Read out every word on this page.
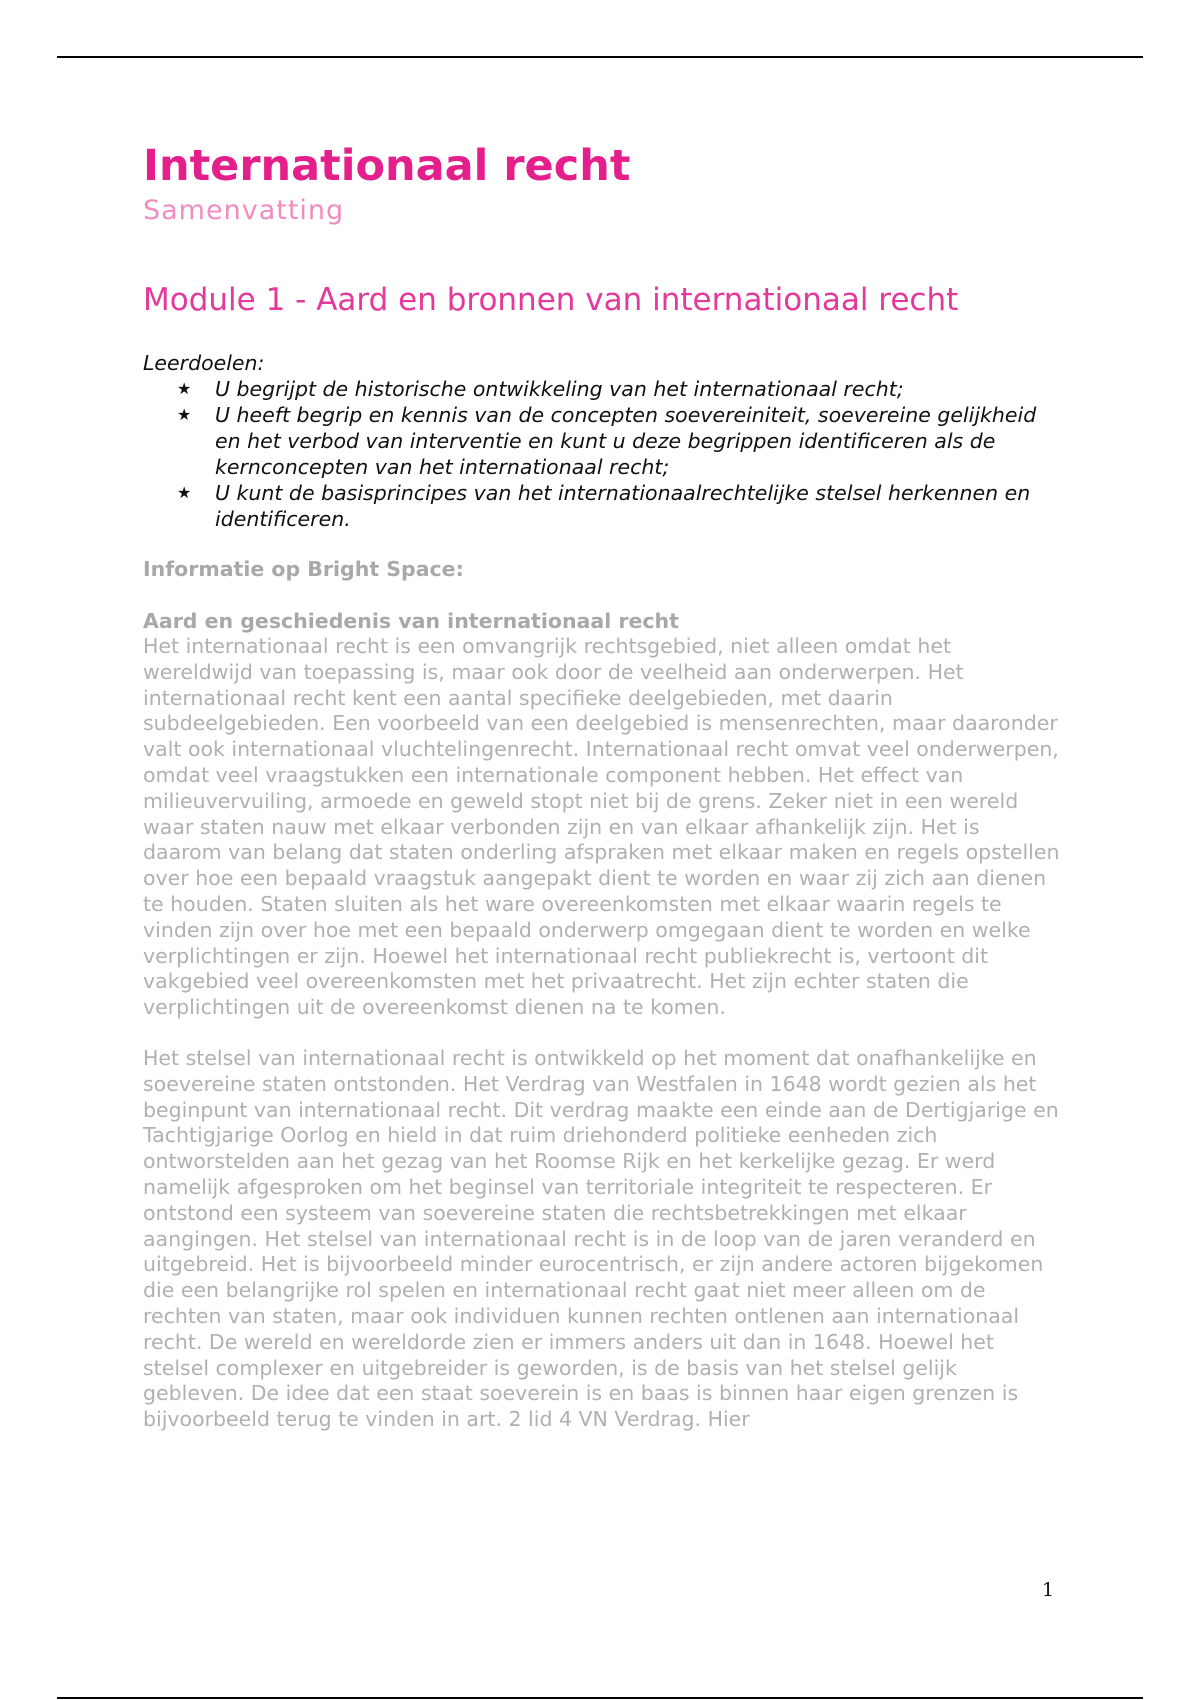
Internationaal recht
Samenvatting
Module 1 - Aard en bronnen van internationaal recht
Leerdoelen:
★ U begrijpt de historische ontwikkeling van het internationaal recht;
★ U heeft begrip en kennis van de concepten soevereiniteit, soevereine gelijkheid en het verbod van interventie en kunt u deze begrippen identificeren als de kernconcepten van het internationaal recht;
★ U kunt de basisprincipes van het internationaalrechtelijke stelsel herkennen en identificeren.
Informatie op Bright Space:
Aard en geschiedenis van internationaal recht

Het internationaal recht is een omvangrijk rechtsgebied, niet alleen omdat het wereldwijd van toepassing is, maar ook door de veelheid aan onderwerpen. Het internationaal recht kent een aantal specifieke deelgebieden, met daarin subdeelgebieden. Een voorbeeld van een deelgebied is mensenrechten, maar daaronder valt ook internationaal vluchtelingenrecht. Internationaal recht omvat veel onderwerpen, omdat veel vraagstukken een internationale component hebben. Het effect van milieuvervuiling, armoede en geweld stopt niet bij de grens. Zeker niet in een wereld waar staten nauw met elkaar verbonden zijn en van elkaar afhankelijk zijn. Het is daarom van belang dat staten onderling afspraken met elkaar maken en regels opstellen over hoe een bepaald vraagstuk aangepakt dient te worden en waar zij zich aan dienen te houden. Staten sluiten als het ware overeenkomsten met elkaar waarin regels te vinden zijn over hoe met een bepaald onderwerp omgegaan dient te worden en welke verplichtingen er zijn. Hoewel het internationaal recht publiekrecht is, vertoont dit vakgebied veel overeenkomsten met het privaatrecht. Het zijn echter staten die verplichtingen uit de overeenkomst dienen na te komen.

Het stelsel van internationaal recht is ontwikkeld op het moment dat onafhankelijke en soevereine staten ontstonden. Het Verdrag van Westfalen in 1648 wordt gezien als het beginpunt van internationaal recht. Dit verdrag maakte een einde aan de Dertigjarige en Tachtigjarige Oorlog en hield in dat ruim driehonderd politieke eenheden zich ontworstelden aan het gezag van het Roomse Rijk en het kerkelijke gezag. Er werd namelijk afgesproken om het beginsel van territoriale integriteit te respecteren. Er ontstond een systeem van soevereine staten die rechtsbetrekkingen met elkaar aangingen. Het stelsel van internationaal recht is in de loop van de jaren veranderd en uitgebreid. Het is bijvoorbeeld minder eurocentrisch, er zijn andere actoren bijgekomen die een belangrijke rol spelen en internationaal recht gaat niet meer alleen om de rechten van staten, maar ook individuen kunnen rechten ontlenen aan internationaal recht. De wereld en wereldorde zien er immers anders uit dan in 1648. Hoewel het stelsel complexer en uitgebreider is geworden, is de basis van het stelsel gelijk gebleven. De idee dat een staat soeverein is en baas is binnen haar eigen grenzen is bijvoorbeeld terug te vinden in art. 2 lid 4 VN Verdrag. Hier

1
